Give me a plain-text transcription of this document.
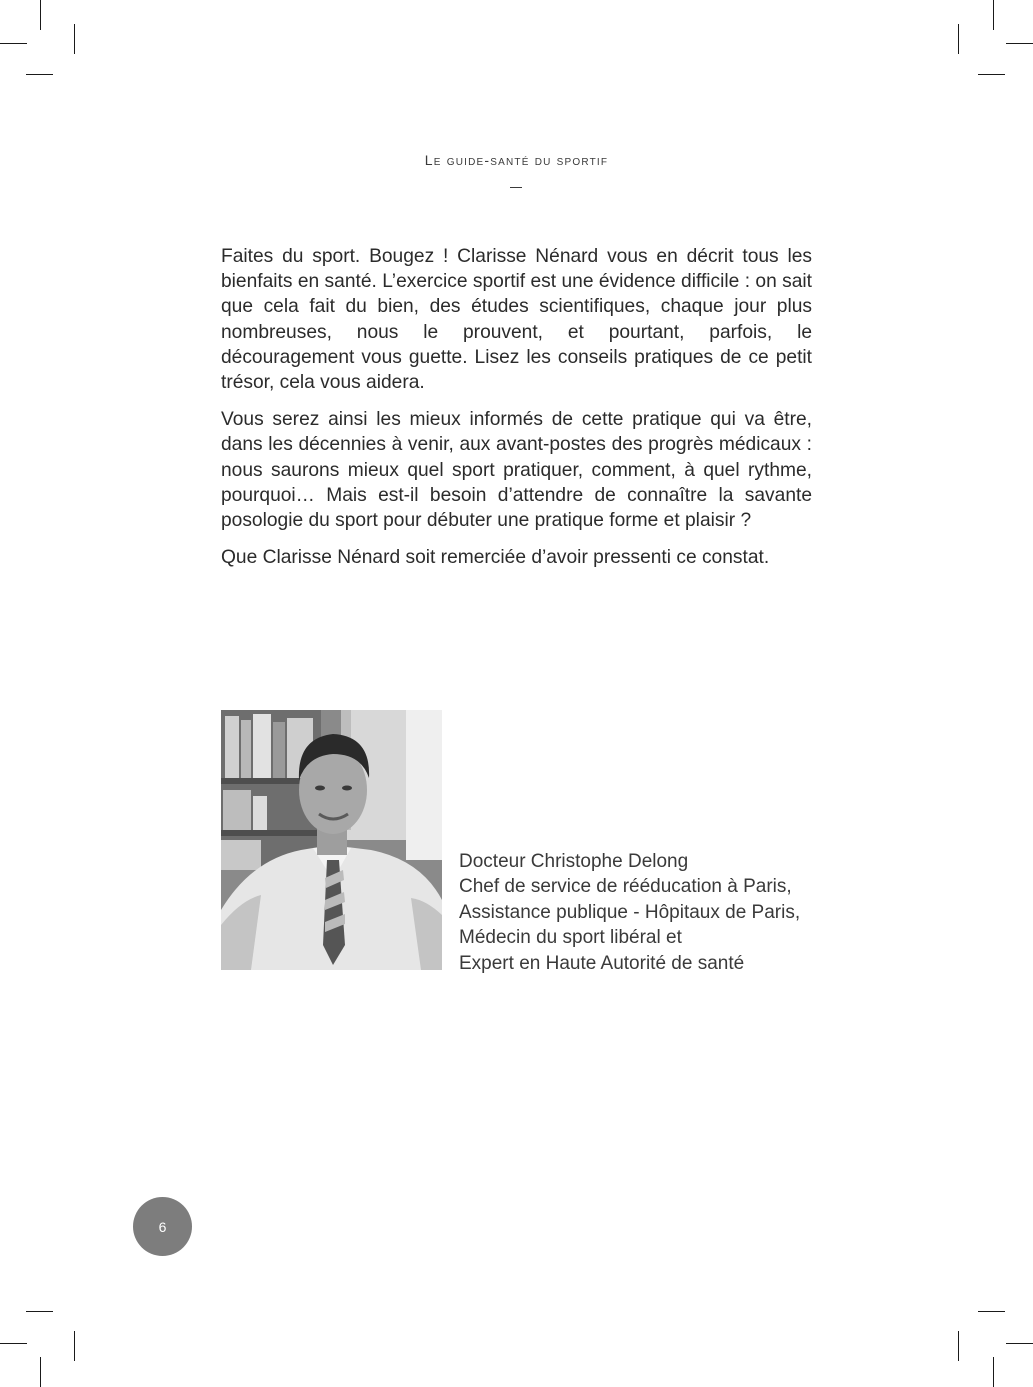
Le guide-santé du sportif

Faites du sport. Bougez ! Clarisse Nénard vous en décrit tous les bienfaits en santé. L’exercice sportif est une évidence difficile : on sait que cela fait du bien, des études scientifiques, chaque jour plus nombreuses, nous le prouvent, et pourtant, parfois, le découragement vous guette. Lisez les conseils pratiques de ce petit trésor, cela vous aidera.

Vous serez ainsi les mieux informés de cette pratique qui va être, dans les décennies à venir, aux avant-postes des progrès médicaux : nous saurons mieux quel sport pratiquer, comment, à quel rythme, pourquoi… Mais est-il besoin d’attendre de connaître la savante posologie du sport pour débuter une pratique forme et plaisir ?

Que Clarisse Nénard soit remerciée d’avoir pressenti ce constat.

Docteur Christophe Delong
Chef de service de rééducation à Paris,
Assistance publique - Hôpitaux de Paris,
Médecin du sport libéral et
Expert en Haute Autorité de santé
6
